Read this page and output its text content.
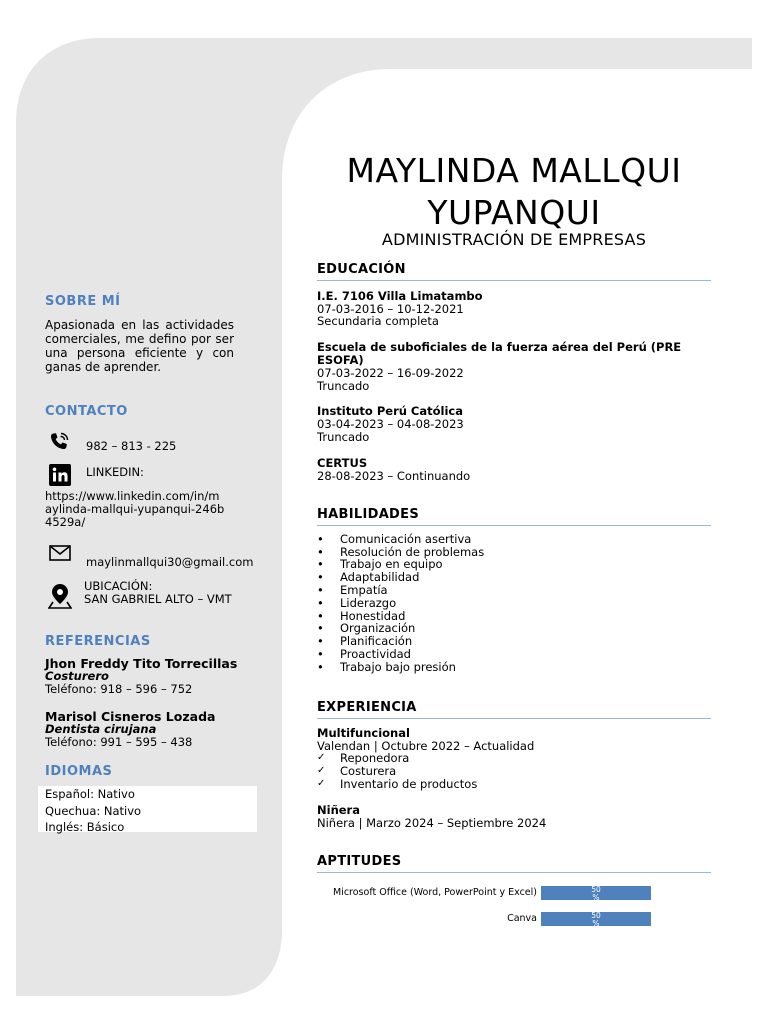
MAYLINDA MALLQUI
YUPANQUI
ADMINISTRACIÓN DE EMPRESAS
SOBRE MÍ
Apasionada en las actividades comerciales, me defino por ser una persona eficiente y con ganas de aprender.
CONTACTO
982 – 813 - 225
LINKEDIN:
https://www.linkedin.com/in/maylinda-mallqui-yupanqui-246b4529a/
maylinmallqui30@gmail.com
UBICACIÓN:
SAN GABRIEL ALTO – VMT
REFERENCIAS
Jhon Freddy Tito Torrecillas
Costurero
Teléfono: 918 – 596 – 752
Marisol Cisneros Lozada
Dentista cirujana
Teléfono: 991 – 595 – 438
IDIOMAS
Español: Nativo
Quechua: Nativo
Inglés: Básico
EDUCACIÓN
I.E. 7106 Villa Limatambo
07-03-2016 – 10-12-2021
Secundaria completa
Escuela de suboficiales de la fuerza aérea del Perú (PRE ESOFA)
07-03-2022 – 16-09-2022
Truncado
Instituto Perú Católica
03-04-2023 – 04-08-2023
Truncado
CERTUS
28-08-2023 – Continuando
HABILIDADES
• Comunicación asertiva
• Resolución de problemas
• Trabajo en equipo
• Adaptabilidad
• Empatía
• Liderazgo
• Honestidad
• Organización
• Planificación
• Proactividad
• Trabajo bajo presión
EXPERIENCIA
Multifuncional
Valendan | Octubre 2022 – Actualidad
✓ Reponedora
✓ Costurera
✓ Inventario de productos
Niñera
Niñera | Marzo 2024 – Septiembre 2024
APTITUDES
Microsoft Office (Word, PowerPoint y Excel)	50
%
Canva	50
%
